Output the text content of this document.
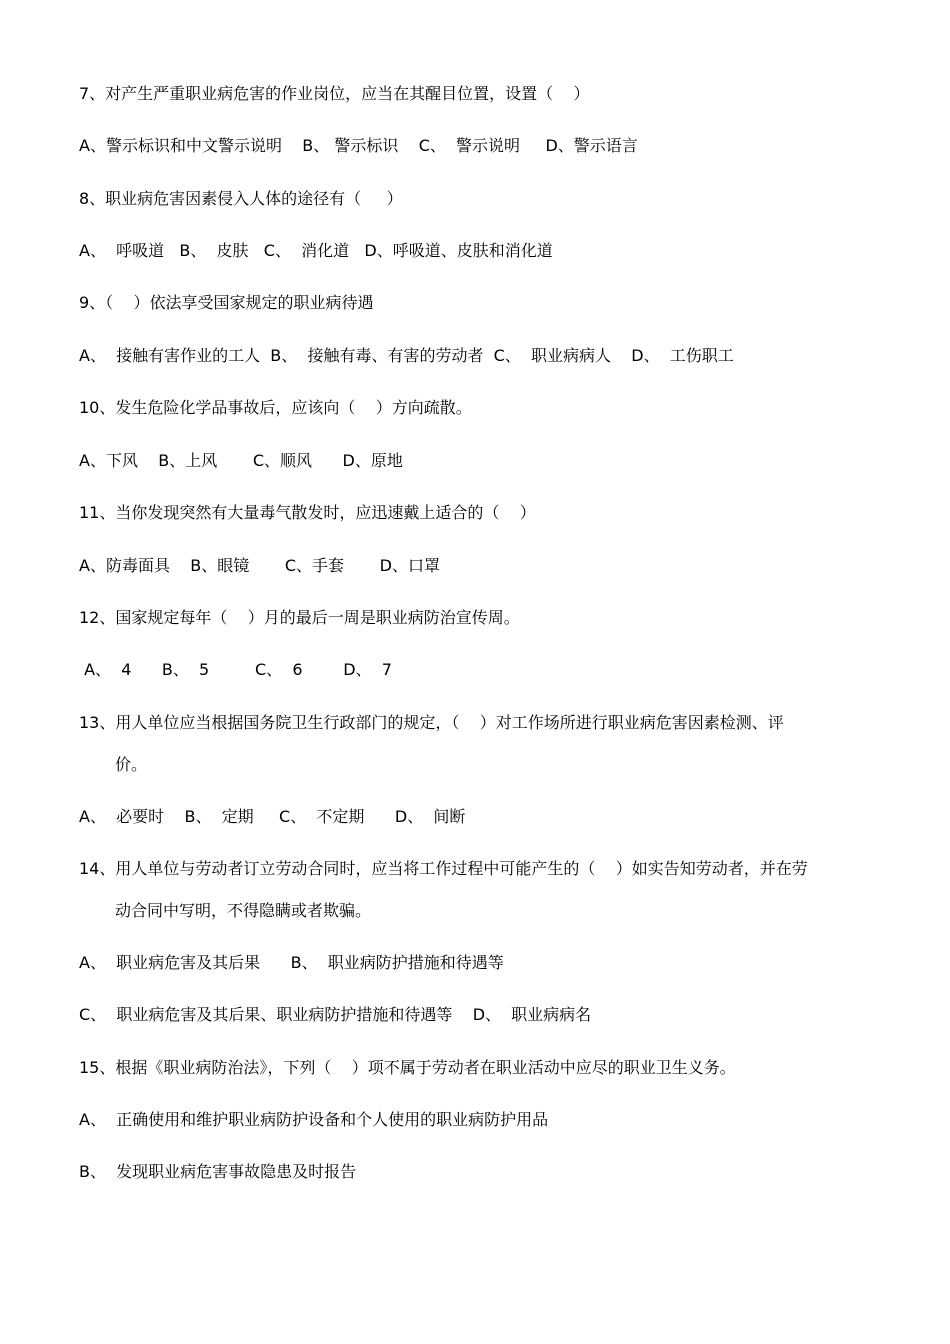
7、对产生严重职业病危害的作业岗位，应当在其醒目位置，设置（    ）
A、警示标识和中文警示说明    B、 警示标识    C、  警示说明     D、警示语言
8、职业病危害因素侵入人体的途径有（     ）
A、  呼吸道   B、  皮肤   C、  消化道   D、呼吸道、皮肤和消化道
9、（    ）依法享受国家规定的职业病待遇
A、  接触有害作业的工人  B、  接触有毒、有害的劳动者  C、  职业病病人    D、  工伤职工
10、发生危险化学品事故后，应该向（    ）方向疏散。
A、下风    B、上风       C、顺风      D、原地
11、当你发现突然有大量毒气散发时，应迅速戴上适合的（    ）
A、防毒面具    B、眼镜       C、手套       D、口罩
12、国家规定每年（    ）月的最后一周是职业病防治宣传周。
A、  4      B、  5         C、  6        D、  7
13、用人单位应当根据国务院卫生行政部门的规定，（    ）对工作场所进行职业病危害因素检测、评
价。
A、  必要时    B、  定期     C、  不定期      D、  间断
14、用人单位与劳动者订立劳动合同时，应当将工作过程中可能产生的（    ）如实告知劳动者，并在劳
动合同中写明，不得隐瞒或者欺骗。
A、  职业病危害及其后果      B、  职业病防护措施和待遇等
C、  职业病危害及其后果、职业病防护措施和待遇等    D、  职业病病名
15、根据《职业病防治法》，下列（    ）项不属于劳动者在职业活动中应尽的职业卫生义务。
A、  正确使用和维护职业病防护设备和个人使用的职业病防护用品
B、  发现职业病危害事故隐患及时报告
